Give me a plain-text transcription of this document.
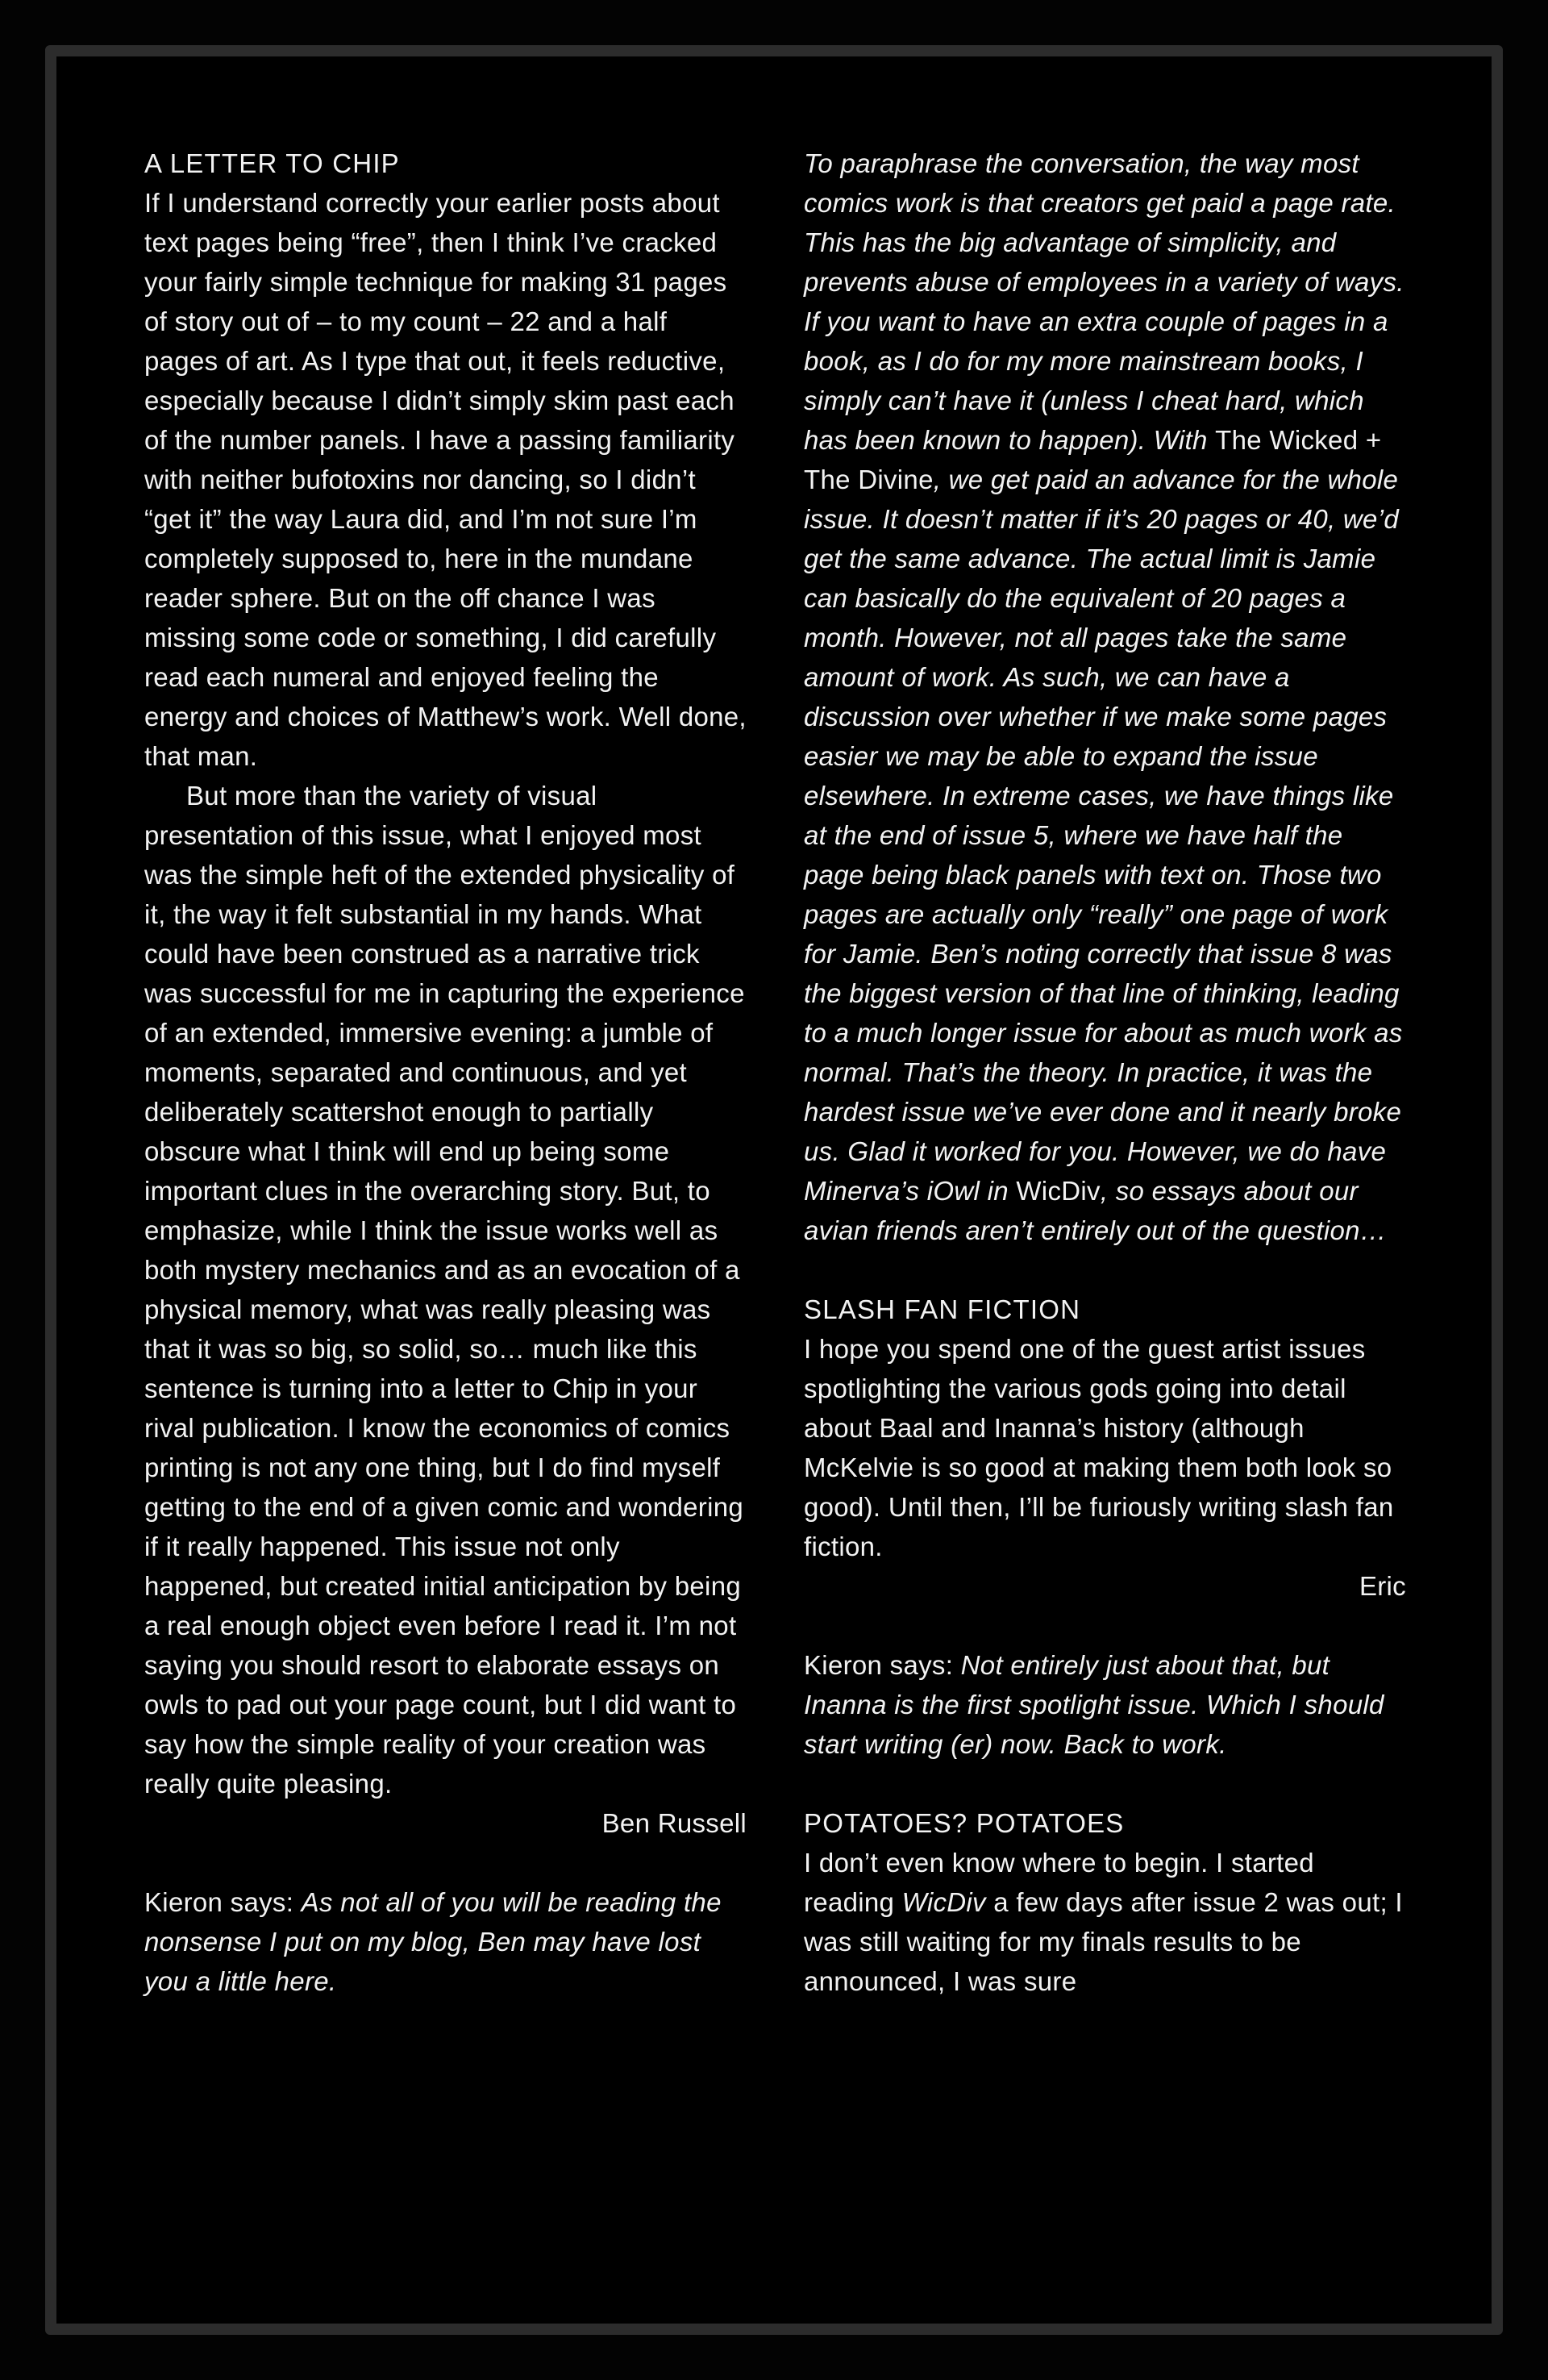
A LETTER TO CHIP
If I understand correctly your earlier posts about text pages being “free”, then I think I’ve cracked your fairly simple technique for making 31 pages of story out of – to my count – 22 and a half pages of art. As I type that out, it feels reductive, especially because I didn’t simply skim past each of the number panels. I have a passing familiarity with neither bufotoxins nor dancing, so I didn’t “get it” the way Laura did, and I’m not sure I’m completely supposed to, here in the mundane reader sphere. But on the off chance I was missing some code or something, I did carefully read each numeral and enjoyed feeling the energy and choices of Matthew’s work. Well done, that man.
But more than the variety of visual presentation of this issue, what I enjoyed most was the simple heft of the extended physicality of it, the way it felt substantial in my hands. What could have been construed as a narrative trick was successful for me in capturing the experience of an extended, immersive evening: a jumble of moments, separated and continuous, and yet deliberately scattershot enough to partially obscure what I think will end up being some important clues in the overarching story. But, to emphasize, while I think the issue works well as both mystery mechanics and as an evocation of a physical memory, what was really pleasing was that it was so big, so solid, so… much like this sentence is turning into a letter to Chip in your rival publication. I know the economics of comics printing is not any one thing, but I do find myself getting to the end of a given comic and wondering if it really happened. This issue not only happened, but created initial anticipation by being a real enough object even before I read it. I’m not saying you should resort to elaborate essays on owls to pad out your page count, but I did want to say how the simple reality of your creation was really quite pleasing.
Ben Russell
Kieron says: As not all of you will be reading the nonsense I put on my blog, Ben may have lost you a little here.
To paraphrase the conversation, the way most comics work is that creators get paid a page rate. This has the big advantage of simplicity, and prevents abuse of employees in a variety of ways. If you want to have an extra couple of pages in a book, as I do for my more mainstream books, I simply can’t have it (unless I cheat hard, which has been known to happen). With The Wicked + The Divine, we get paid an advance for the whole issue. It doesn’t matter if it’s 20 pages or 40, we’d get the same advance. The actual limit is Jamie can basically do the equivalent of 20 pages a month. However, not all pages take the same amount of work. As such, we can have a discussion over whether if we make some pages easier we may be able to expand the issue elsewhere. In extreme cases, we have things like at the end of issue 5, where we have half the page being black panels with text on. Those two pages are actually only “really” one page of work for Jamie. Ben’s noting correctly that issue 8 was the biggest version of that line of thinking, leading to a much longer issue for about as much work as normal. That’s the theory. In practice, it was the hardest issue we’ve ever done and it nearly broke us. Glad it worked for you. However, we do have Minerva’s iOwl in WicDiv, so essays about our avian friends aren’t entirely out of the question…
SLASH FAN FICTION
I hope you spend one of the guest artist issues spotlighting the various gods going into detail about Baal and Inanna’s history (although McKelvie is so good at making them both look so good). Until then, I’ll be furiously writing slash fan fiction.
Eric
Kieron says: Not entirely just about that, but Inanna is the first spotlight issue. Which I should start writing (er) now. Back to work.
POTATOES? POTATOES
I don’t even know where to begin. I started reading WicDiv a few days after issue 2 was out; I was still waiting for my finals results to be announced, I was sure
